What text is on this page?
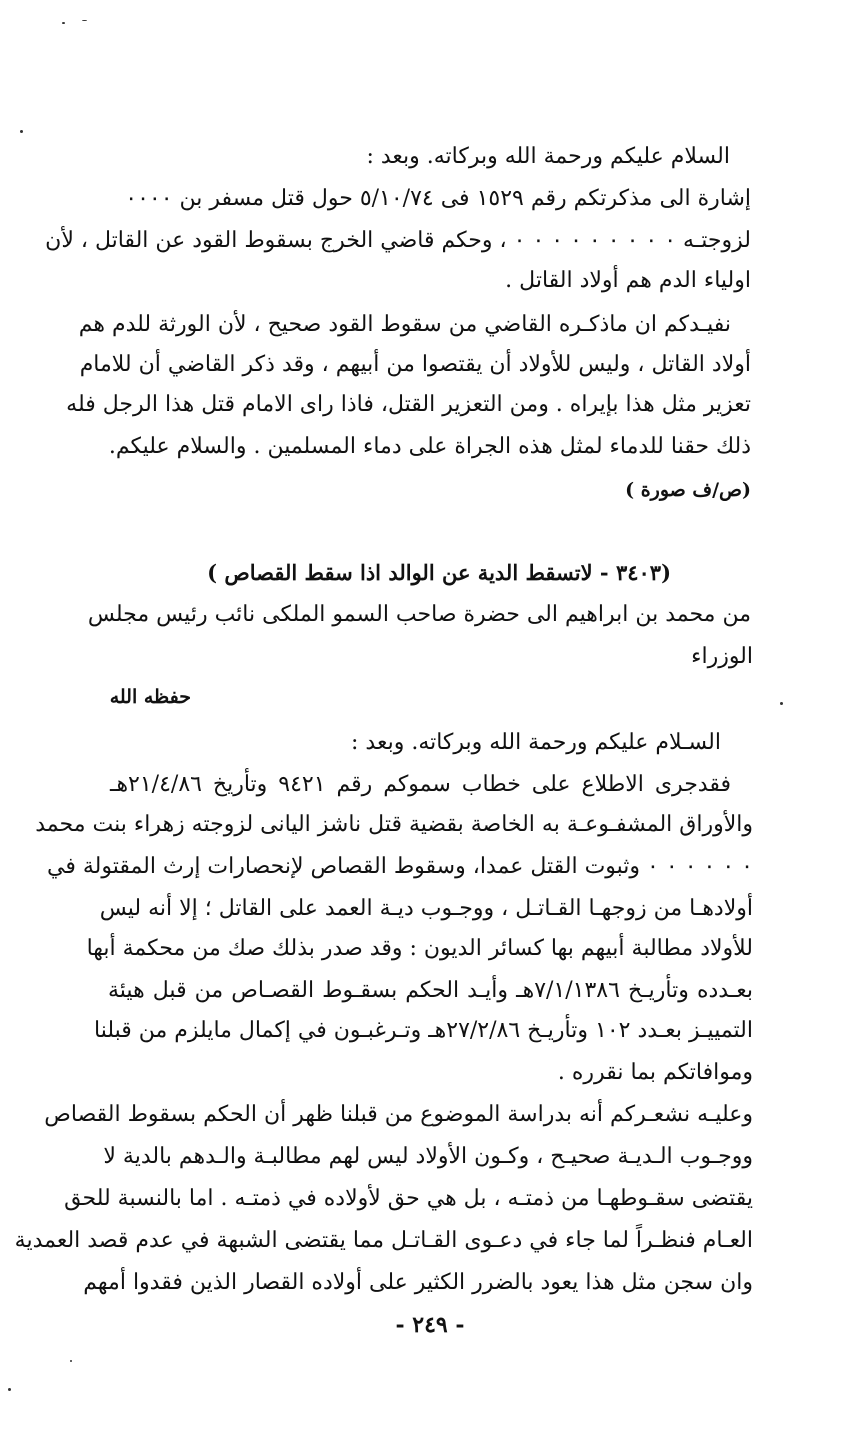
السلام عليكم ورحمة الله وبركاته. وبعد :
إشارة الى مذكرتكم رقم ١٥٢٩ فى ٥/١٠/٧٤ حول قتل مسفر بن ٠٠٠٠
لزوجتـه ٠ ٠ ٠ ٠ ٠ ٠ ٠ ٠ ٠ ، وحكم قاضي الخرج بسقوط القود عن القاتل ، لأن
اولياء الدم هم أولاد القاتل .
نفيـدكم ان ماذكـره القاضي من سقوط القود صحيح ، لأن الورثة للدم هم
أولاد القاتل ، وليس للأولاد أن يقتصوا من أبيهم ، وقد ذكر القاضي أن للامام
تعزير مثل هذا بإيراه . ومن التعزير القتل، فاذا راى الامام قتل هذا الرجل فله
ذلك حقنا للدماء لمثل هذه الجراة على دماء المسلمين . والسلام عليكم.
(ص/ف صورة )
(٣٤٠٣ - لاتسقط الدية عن الوالد اذا سقط القصاص )
من محمد بن ابراهيم الى حضرة صاحب السمو الملكى نائب رئيس مجلس
الوزراء
حفظه الله
السـلام عليكم ورحمة الله وبركاته. وبعد :
فقدجرى الاطلاع على خطاب سموكم رقم ٩٤٢١ وتأريخ ٢١/٤/٨٦هـ
والأوراق المشفـوعـة به الخاصة بقضية قتل ناشز اليانى لزوجته زهراء بنت محمد
٠ ٠ ٠ ٠ ٠ ٠ وثبوت القتل عمدا، وسقوط القصاص لإنحصارات إرث المقتولة في
أولادهـا من زوجهـا القـاتـل ، ووجـوب ديـة العمد على القاتل ؛ إلا أنه ليس
للأولاد مطالبة أبيهم بها كسائر الديون : وقد صدر بذلك صك من محكمة أبها
بعـدده وتأريـخ ٧/١/١٣٨٦هـ وأيـد الحكم بسقـوط القصـاص من قبل هيئة
التمييـز بعـدد ١٠٢ وتأريـخ ٢٧/٢/٨٦هـ وتـرغبـون في إكمال مايلزم من قبلنا
وموافاتكم بما نقرره .
وعليـه نشعـركم أنه بدراسة الموضوع من قبلنا ظهر أن الحكم بسقوط القصاص
ووجـوب الـديـة صحيـح ، وكـون الأولاد ليس لهم مطالبـة والـدهم بالدية لا
يقتضى سقـوطهـا من ذمتـه ، بل هي حق لأولاده في ذمتـه . اما بالنسبة للحق
العـام فنظـراً لما جاء في دعـوى القـاتـل مما يقتضى الشبهة في عدم قصد العمدية
وان سجن مثل هذا يعود بالضرر الكثير على أولاده القصار الذين فقدوا أمهم
- ٢٤٩ -
